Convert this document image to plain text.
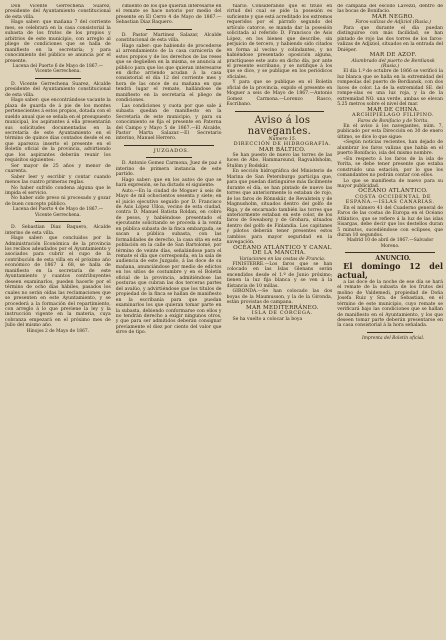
Don Vicente Gerrechena Suarez, presidente del Ayuntamiento constitucional de esta villa.

Hago saber: que mañana 7 del corriente mes, se celebrará en la casa consistorial la subasta de los frutos de los propios y arbitrios de este municipio, con arreglo al pliego de condiciones que se halla de manifiesto en la secretaría; y para conocimiento del público se anuncia por el presente.

Lucena del Puerto 6 de Mayo de 1867.—Vicente Gerrechena.

D. Vicente Gerrechena Suarez, Alcalde presidente del Ayuntamiento constitucional de esta villa.

Hago saber: que encontrándose vacante la plaza de guarda de á pie de los montes pertenecientes á estos propios, dotada con el sueldo anual que se señala en el presupuesto municipal, los aspirantes á ella presentarán sus solicitudes documentadas en la secretaría de este Ayuntamiento en el término de quince días contados desde el en que aparezca inserto el presente en el Boletín oficial de la provincia, advirtiendo que los aspirantes deberán reunir los requisitos siguientes:

Ser mayor de 25 años y menor de cuarenta.

Saber leer y escribir y contar cuando menos las cuatro primeras reglas.

No haber sufrido condena alguna que le impida el servicio.

No haber sido preso ni procesado y gozar de buen concepto público.

Lucena del Puerto 4 de Mayo de 1867.—Vicente Gerrechena.

D. Sebastian Diaz Baquero, Alcalde interino de esta villa.

Hago saber: que concluidos por la Administración Económica de la provincia los recibos adeudados por el Ayuntamiento y asociados para cubrir el cupo de la contribución de esta villa en el próximo año económico de 1867 á 68, se halla de manifiesto en la secretaría de este Ayuntamiento y cuantos contribuyentes deseen examinarlos, pueden hacerlo por el término de ocho días hábiles, pasados los cuales no serán oídas las reclamaciones que se presenten en este Ayuntamiento, y se procederá a la formación del repartimiento, con arreglo á lo que previene la ley y la instrucción vigente en la materia, cuya cobranza empezará en el próximo mes de Julio del mismo año.

Hinojos 2 de Mayo de 1867.

cimiento de los que quieran interesarse en el remate se hace notorio por medio del presente en El Cerro 4 de Mayo de 1867.—Sebastian Diaz Baquero.

D. Pastor Martinez Salazar, Alcalde constitucional de esta villa.

Hago saber: que habiendo de procederse al arrendamiento de la casa carnicería de estos propios y de los derechos de las reses que se degüellen en la misma, se anuncia al público para que los que quieran interesarse en dicho arriendo acudan á la casa consistorial el día 12 del corriente mes y hora de las once de su mañana en que tendrá lugar el remate, hallándose de manifiesto en la secretaría el pliego de condiciones.

Las condiciones y cuota por que sale á subasta quedan de manifiesto en la Secretaría de este municipio, y para su conocimiento se fija el presente en Paterna del Campo y Mayo 5 de 1867.—El Alcalde, Pastor Marta Salazar.—El Secretario interino, Manuel Herrero.

JUZGADOS.

D. Antonio Gomez Carmona, Juez de paz é interino de primera instancia de este partido.

Hago saber: que en los autos de que se hará expresión, se ha dictado el siguiente:

Auto.—En la ciudad de Moguer á seis de Mayo de mil ochocientos sesenta y siete; en el juicio ejecutivo seguido por D. Francisco de Asis López Ulloa, vecino de esta ciudad, contra D. Manuel Batista Roldan, en cobro de pesos, y habiéndose presentado el ejecutante solicitando se proceda á la venta en pública subasta de la finca embargada, se sacan a pública subasta, con las formalidades de derecho, la casa sita en esta población en la calle de San Bartolomé, por término de veinte días, señalándose para el remate el día que corresponda, en la sala de audiencia de este Juzgado, á las doce de su mañana, anunciándose por medio de edictos en los sitios de costumbre y en el Boletín oficial de la provincia, admitiéndose las posturas que cubran las dos terceras partes del avalúo, y advirtiéndose que los títulos de propiedad de la finca se hallan de manifiesto en la escribanía para que puedan examinarlos los que quieran tomar parte en la subasta, debiendo conformarse con ellos y no tendrán derecho a exigir ningunos otros, y que para ser admitidos deberán consignar previamente el diez por ciento del valor que sirve de tipo.

tuario. Considerando que el título en virtud del cual se pide la posesión es suficiente y que está acreditado los extremos requeridos por el párrafo segundo del artículo catorce, se manda dar la posesión solicitada al referido D. Francisco de Asis López, en los bienes que describe, sin perjuicio de tercero, y habiendo sido citados en forma al vecino y colindantes, y no habiéndose presentado oposición alguna, practíquese este auto en dicho día, por ante el presente escribano, y se notifique á los que se dice, y se publique en los periódicos oficiales.

Y para que se publique en el Boletín oficial de la provincia, expido el presente en Moguer a seis de Mayo de 1867.—Antonio Gomez Carmona.—Lorenzo Rasco, Escribano.

Aviso á los navegantes.

Número 15.

DIRECCIÓN DE HIDROGRAFÍA.

MAR BÁLTICO.

Se han puesto de nuevo las torres de las luces de Abo, Hammarsund, Ragvaldsholm, Stulöm y Bodskär.

En sección hidrográfica del Ministerio de Marina de San Petersburgo participa que, para que puedan distinguirse más fácilmente durante el día, se han pintado de nuevo las torres que anteriormente lo estaban de rojo, de los faros de Rönnskär, de Revalstein y de Magnusholm, situados dentro del golfo de Riga, y de encarnado también las torres que anteriormente estaban en este color, de los faros de Sweaborg y de Grohara, situados dentro del golfo de Finlandia. Los capitanes y pilotos deberán tener presentes estos cambios para mayor seguridad en la navegación.

OCÉANO ATLÁNTICO Y CANAL DE LA MANCHA.

Variaciones en las costas de Francia.

FINISTERRE.—Los faros que se han colocado en las Islas Glenans serán encendidos desde el 1.º de Junio próximo; tienen la luz fija blanca y se ven á la distancia de 10 millas.

GIRONDA.—Se han colocado las dos boyas de la Maumusson, y la de la Gironda, están provistas de campana.

MAR MEDITERRÁNEO.

ISLA DE CÓRCEGA.

Se ha vuelto a colocar la boya

de campana del escollo Lavezzi, dentro de las bocas de Bonifacio.

MAR NEGRO.

Faros-valizas de Adjiziol (Rusia.)

Para que durante el día puedan distinguirse con más facilidad, se han pintado de rojo las dos torres de los faros-valizas de Adjiziol, situados en la entrada del Dniéper.

MAR DE AZOF.

Alumbrado del puerto de Berdiansk (Rusia.)

El día 1.º de octubre de 1866 se verificó la luz blanca que se halla en la extremidad del rompeolas del puerto de Berdiansk, con dos luces de color. La de la extremidad SE. del rompe-olas es una luz roja, y la de la extremidad NO. una verde, ambas se elevan 5.25 metros sobre el nivel del mar.

MAR DE CHINA.

ARCHIPIÉLAGO FILIPINO.

Faros de Bonifacio y de Yorita.

En el aviso á los navegantes, núm. 7, publicado por esta Dirección en 30 de enero último, se dice lo que sigue:

«Según noticias recientes, han dejado de alumbrar los faros valizas que había en el puerto Bonifacio, isla del mismo nombre.

«En respecto á los faros de la isla de Yorita, se debe tener presente que estaba construido una estación, por lo que los comandantes no podrán contar con ellos.

Lo que se manifiesta de nuevo para su mayor publicidad.

OCÉANO ATLÁNTICO.

COSTA OCCIDENTAL DE ESPAÑA.—ISLAS CANARIAS.

En el número 41 del Cuaderno general de Faros de las costas de Europa en el Océano Atlántico, que se refiere á la luz de las islas Sisargas, debe decir que los destellos duran 5 minutos, sucediéndose con eclipses, que duran 10 segundos.

Madrid 10 de abril de 1867.—Salvador Moreno.

ANUNCIO.

El domingo 12 del actual,

a las doce de la noche de ese día se hará el remate de la subasta de los frutos del molino de Valdemedi, propiedad de Doña Josefa Ruiz y Sra. de Sebastian, en el término de este municipio, cuyo remate se verificará bajo las condiciones que se hallan de manifiesto en el Ayuntamiento, y los que deseen tomar parte deberán presentarse en la casa consistorial á la hora señalada.

Imprenta del Boletín oficial.
